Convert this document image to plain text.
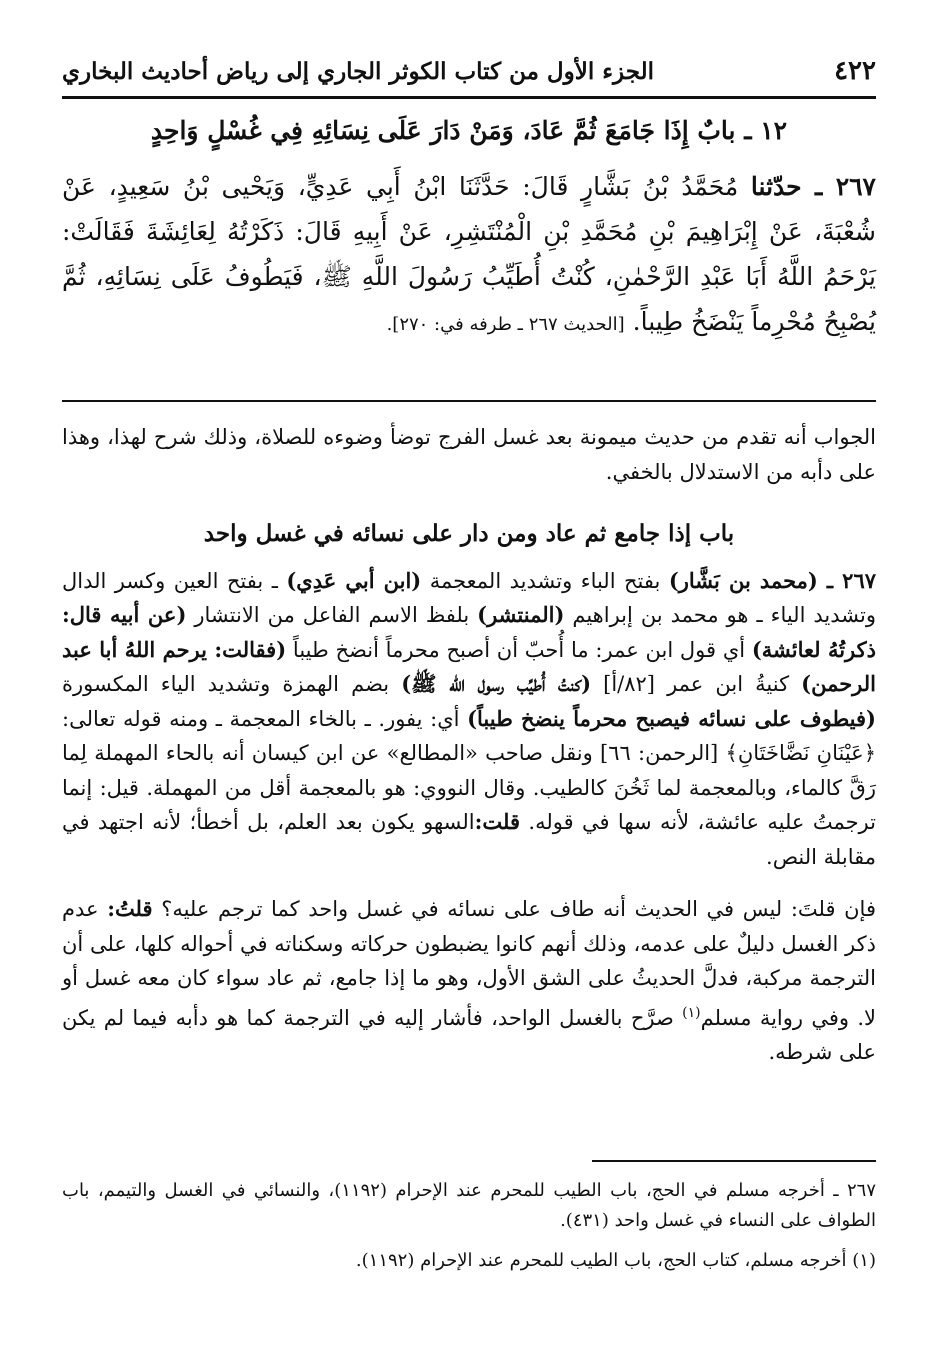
٤٢٢
الجزء الأول من كتاب الكوثر الجاري إلى رياض أحاديث البخاري

١٢ ـ بابٌ إِذَا جَامَعَ ثُمَّ عَادَ، وَمَنْ دَارَ عَلَى نِسَائِهِ فِي غُسْلٍ وَاحِدٍ

٢٦٧ ـ حدّثنا مُحَمَّدُ بْنُ بَشَّارٍ قَالَ: حَدَّثَنَا ابْنُ أَبِي عَدِيٍّ، وَيَحْيى بْنُ سَعِيدٍ، عَنْ شُعْبَةَ، عَنْ إِبْرَاهِيمَ بْنِ مُحَمَّدِ بْنِ الْمُنْتَشِرِ، عَنْ أَبِيهِ قَالَ: ذَكَرْتُهُ لِعَائِشَةَ فَقَالَتْ: يَرْحَمُ اللَّهُ أَبَا عَبْدِ الرَّحْمٰنِ، كُنْتُ أُطَيِّبُ رَسُولَ اللَّهِ ﷺ، فَيَطُوفُ عَلَى نِسَائِهِ، ثُمَّ يُصْبِحُ مُحْرِماً يَنْضَخُ طِيباً. [الحديث ٢٦٧ ـ طرفه في: ٢٧٠].

الجواب أنه تقدم من حديث ميمونة بعد غسل الفرج توضأ وضوءه للصلاة، وذلك شرح لهذا، وهذا على دأبه من الاستدلال بالخفي.

باب إذا جامع ثم عاد ومن دار على نسائه في غسل واحد

٢٦٧ ـ (محمد بن بَشَّار) بفتح الباء وتشديد المعجمة (ابن أبي عَدِي) ـ بفتح العين وكسر الدال وتشديد الياء ـ هو محمد بن إبراهيم (المنتشر) بلفظ الاسم الفاعل من الانتشار (عن أبيه قال: ذكرتُهُ لعائشة) أي قول ابن عمر: ما أُحبّ أن أصبح محرماً أنضخ طيباً (فقالت: يرحم اللهُ أبا عبد الرحمن) كنيةُ ابن عمر [٨٢/أ] (كنتُ أُطيِّب رسول الله ﷺ) بضم الهمزة وتشديد الياء المكسورة (فيطوف على نسائه فيصبح محرماً ينضخ طيباً) أي: يفور. ـ بالخاء المعجمة ـ ومنه قوله تعالى: ﴿عَيْنَانِ نَضَّاخَتَانِ﴾ [الرحمن: ٦٦] ونقل صاحب «المطالع» عن ابن كيسان أنه بالحاء المهملة لِما رَقَّ كالماء، وبالمعجمة لما ثَخُنَ كالطيب. وقال النووي: هو بالمعجمة أقل من المهملة. قيل: إنما ترجمتُ عليه عائشة، لأنه سها في قوله. قلت:السهو يكون بعد العلم، بل أخطأ؛ لأنه اجتهد في مقابلة النص.

فإن قلتَ: ليس في الحديث أنه طاف على نسائه في غسل واحد كما ترجم عليه؟ قلتُ: عدم ذكر الغسل دليلٌ على عدمه، وذلك أنهم كانوا يضبطون حركاته وسكناته في أحواله كلها، على أن الترجمة مركبة، فدلَّ الحديثُ على الشق الأول، وهو ما إذا جامع، ثم عاد سواء كان معه غسل أو لا. وفي رواية مسلم$^{(١)}$ صرَّح بالغسل الواحد، فأشار إليه في الترجمة كما هو دأبه فيما لم يكن على شرطه.

٢٦٧ ـ أخرجه مسلم في الحج، باب الطيب للمحرم عند الإحرام (١١٩٢)، والنسائي في الغسل والتيمم، باب الطواف على النساء في غسل واحد (٤٣١).

(١) أخرجه مسلم، كتاب الحج، باب الطيب للمحرم عند الإحرام (١١٩٢).
